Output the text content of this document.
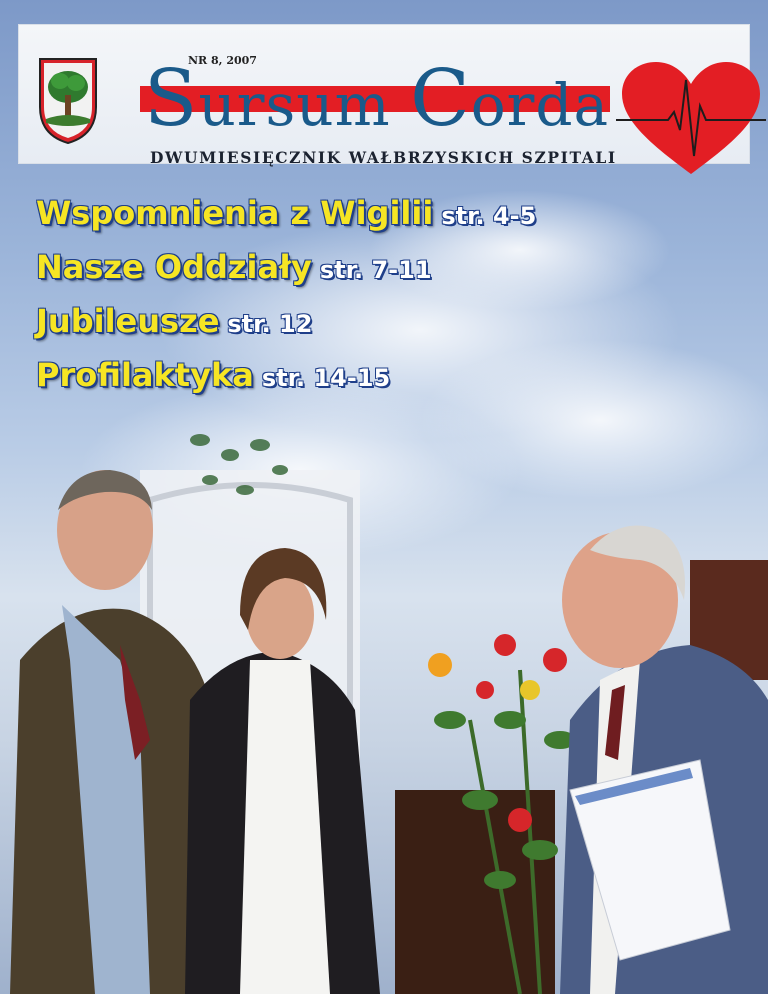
NR 8, 2007
Sursum Corda
DWUMIESIĘCZNIK WAŁBRZYSKICH SZPITALI
Wspomnienia z Wigilii str. 4-5
Nasze Oddziały str. 7-11
Jubileusze str. 12
Profilaktyka str. 14-15
